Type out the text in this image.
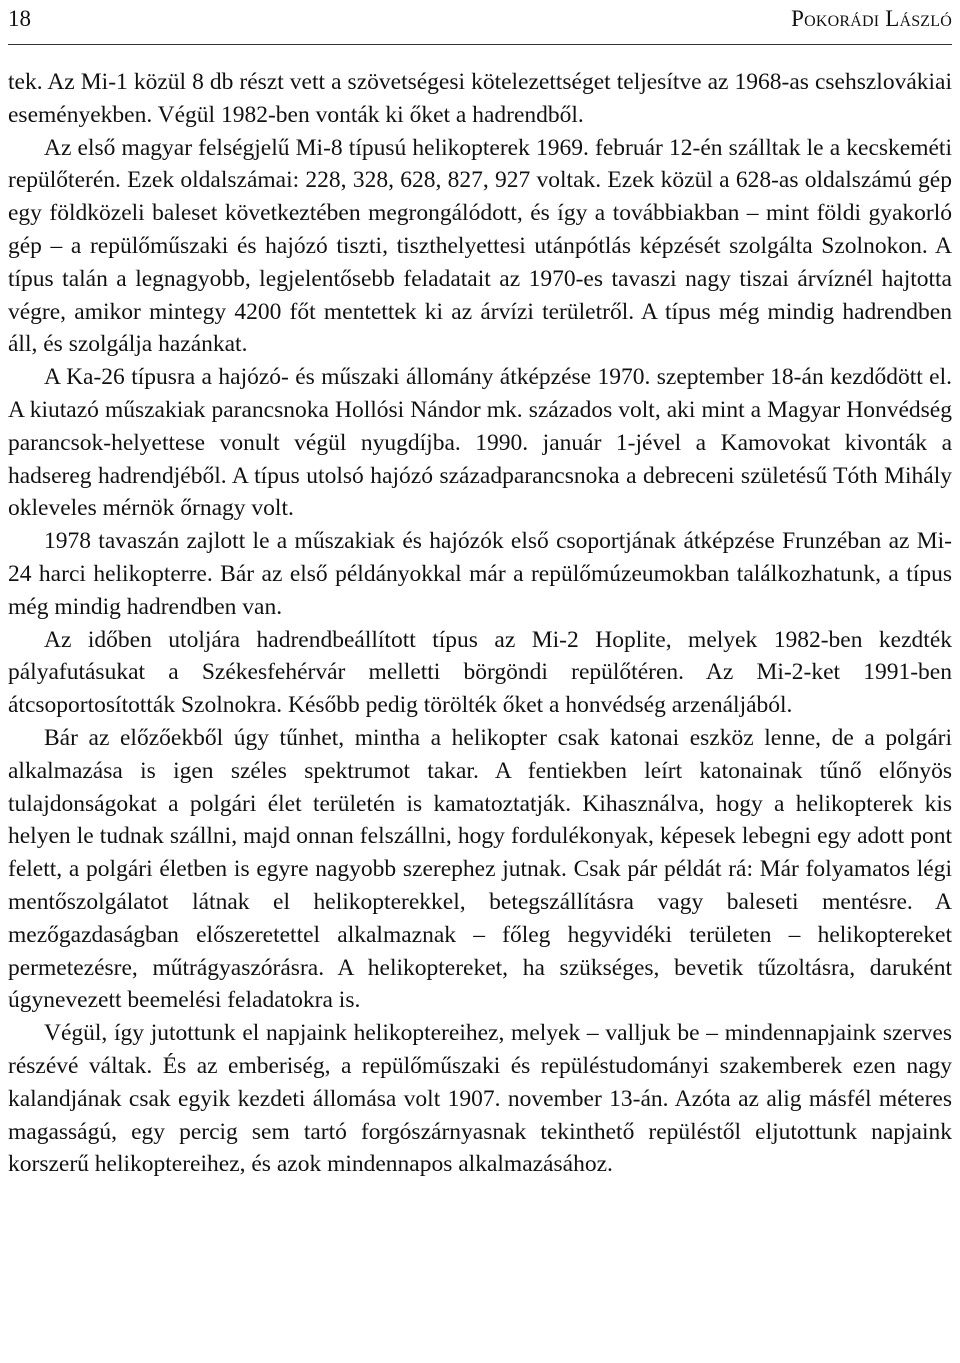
18	Pokorádi László

tek. Az Mi-1 közül 8 db részt vett a szövetségesi kötelezettséget teljesítve az 1968-as csehszlovákiai eseményekben. Végül 1982-ben vonták ki őket a hadrendből.

Az első magyar felségjelű Mi-8 típusú helikopterek 1969. február 12-én szálltak le a kecskeméti repülőterén. Ezek oldalszámai: 228, 328, 628, 827, 927 voltak. Ezek közül a 628-as oldalszámú gép egy földközeli baleset következtében megrongálódott, és így a továbbiakban – mint földi gyakorló gép – a repülőműszaki és hajózó tiszti, tiszthelyettesi utánpótlás képzését szolgálta Szolnokon. A típus talán a legnagyobb, legjelentősebb feladatait az 1970-es tavaszi nagy tiszai árvíznél hajtotta végre, amikor mintegy 4200 főt mentettek ki az árvízi területről. A típus még mindig hadrendben áll, és szolgálja hazánkat.

A Ka-26 típusra a hajózó- és műszaki állomány átképzése 1970. szeptember 18-án kezdődött el. A kiutazó műszakiak parancsnoka Hollósi Nándor mk. százados volt, aki mint a Magyar Honvédség parancsok-helyettese vonult végül nyugdíjba. 1990. január 1-jével a Kamovokat kivonták a hadsereg hadrendjéből. A típus utolsó hajózó századparancsnoka a debreceni születésű Tóth Mihály okleveles mérnök őrnagy volt.

1978 tavaszán zajlott le a műszakiak és hajózók első csoportjának átképzése Frunzéban az Mi-24 harci helikopterre. Bár az első példányokkal már a repülőmúzeumokban találkozhatunk, a típus még mindig hadrendben van.

Az időben utoljára hadrendbeállított típus az Mi-2 Hoplite, melyek 1982-ben kezdték pályafutásukat a Székesfehérvár melletti börgöndi repülőtéren. Az Mi-2-ket 1991-ben átcsoportosították Szolnokra. Később pedig törölték őket a honvédség arzenáljából.

Bár az előzőekből úgy tűnhet, mintha a helikopter csak katonai eszköz lenne, de a polgári alkalmazása is igen széles spektrumot takar. A fentiekben leírt katonainak tűnő előnyös tulajdonságokat a polgári élet területén is kamatoztatják. Kihasználva, hogy a helikopterek kis helyen le tudnak szállni, majd onnan felszállni, hogy fordulékonyak, képesek lebegni egy adott pont felett, a polgári életben is egyre nagyobb szerephez jutnak. Csak pár példát rá: Már folyamatos légi mentőszolgálatot látnak el helikopterekkel, betegszállításra vagy baleseti mentésre. A mezőgazdaságban előszeretettel alkalmaznak – főleg hegyvidéki területen – helikoptereket permetezésre, műtrágyaszórásra. A helikoptereket, ha szükséges, bevetik tűzoltásra, daruként úgynevezett beemelési feladatokra is.

Végül, így jutottunk el napjaink helikoptereihez, melyek – valljuk be – mindennapjaink szerves részévé váltak. És az emberiség, a repülőműszaki és repüléstudományi szakemberek ezen nagy kalandjának csak egyik kezdeti állomása volt 1907. november 13-án. Azóta az alig másfél méteres magasságú, egy percig sem tartó forgószárnyasnak tekinthető repüléstől eljutottunk napjaink korszerű helikoptereihez, és azok mindennapos alkalmazásához.
